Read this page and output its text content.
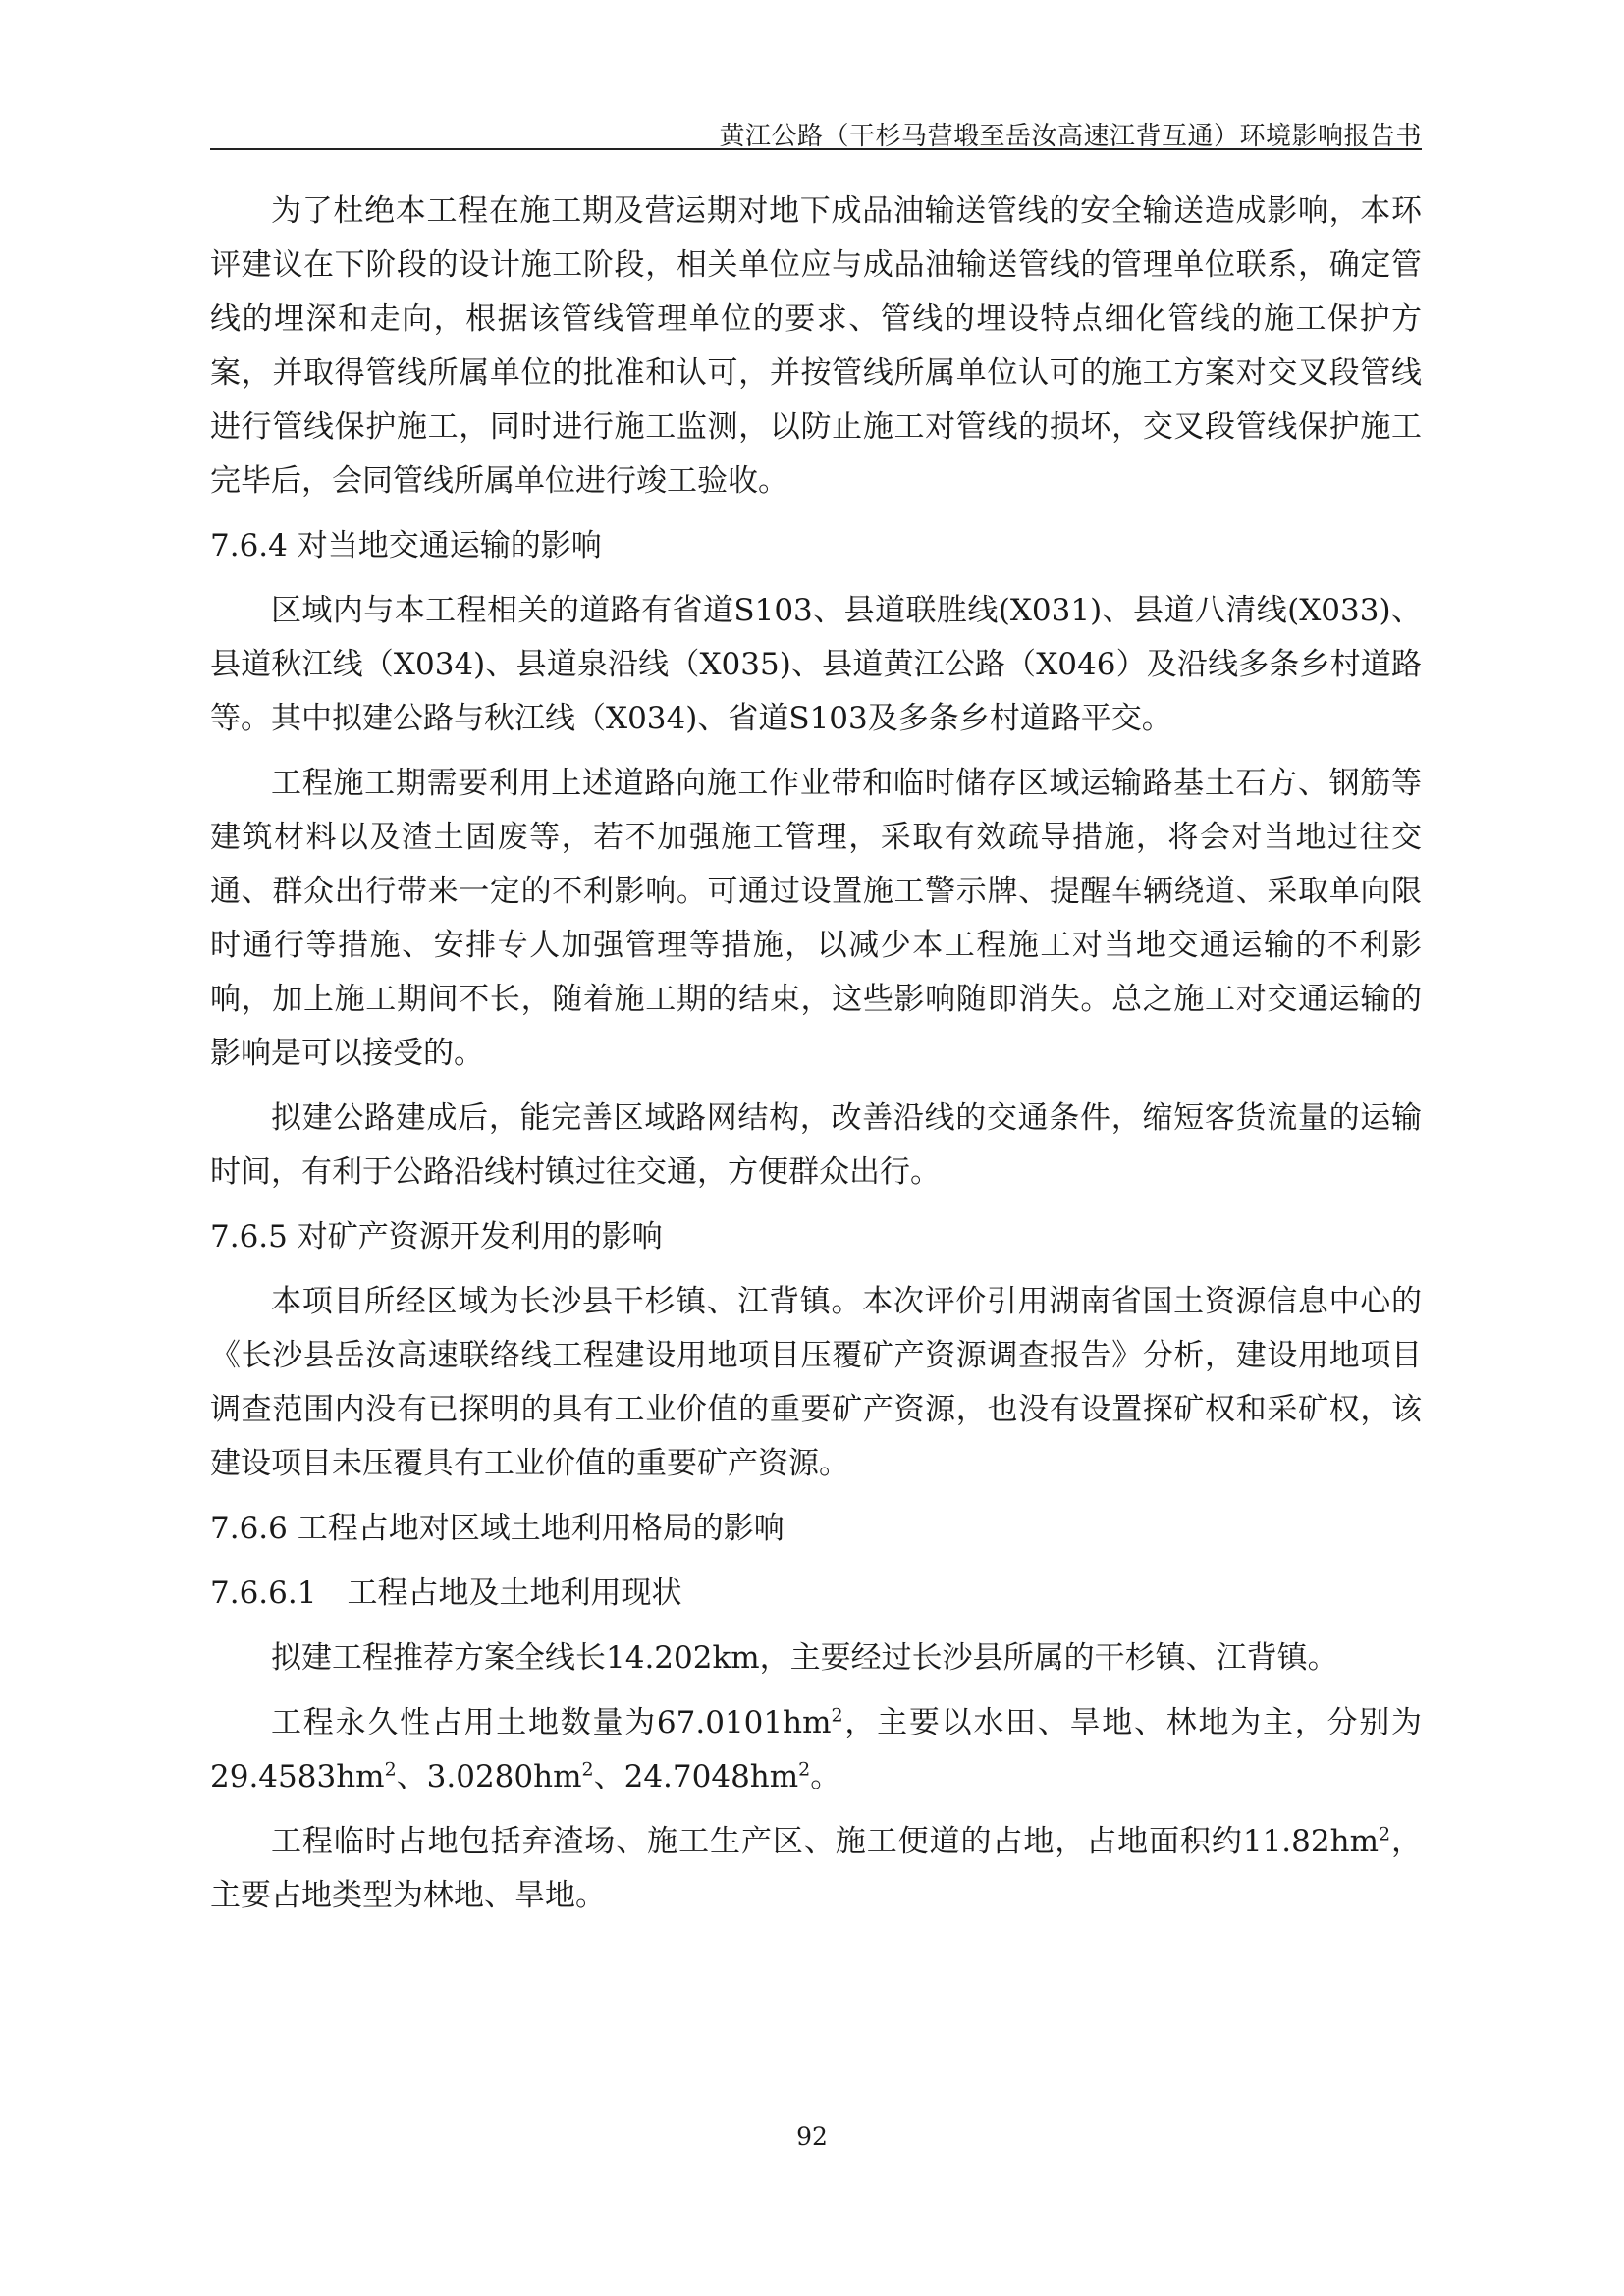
黄江公路（干杉马营塅至岳汝高速江背互通）环境影响报告书

为了杜绝本工程在施工期及营运期对地下成品油输送管线的安全输送造成影响，本环评建议在下阶段的设计施工阶段，相关单位应与成品油输送管线的管理单位联系，确定管线的埋深和走向，根据该管线管理单位的要求、管线的埋设特点细化管线的施工保护方案，并取得管线所属单位的批准和认可，并按管线所属单位认可的施工方案对交叉段管线进行管线保护施工，同时进行施工监测，以防止施工对管线的损坏，交叉段管线保护施工完毕后，会同管线所属单位进行竣工验收。

7.6.4 对当地交通运输的影响

区域内与本工程相关的道路有省道S103、县道联胜线(X031)、县道八清线(X033)、县道秋江线（X034)、县道泉沿线（X035)、县道黄江公路（X046）及沿线多条乡村道路等。其中拟建公路与秋江线（X034)、省道S103及多条乡村道路平交。

工程施工期需要利用上述道路向施工作业带和临时储存区域运输路基土石方、钢筋等建筑材料以及渣土固废等，若不加强施工管理，采取有效疏导措施，将会对当地过往交通、群众出行带来一定的不利影响。可通过设置施工警示牌、提醒车辆绕道、采取单向限时通行等措施、安排专人加强管理等措施，以减少本工程施工对当地交通运输的不利影响，加上施工期间不长，随着施工期的结束，这些影响随即消失。总之施工对交通运输的影响是可以接受的。

拟建公路建成后，能完善区域路网结构，改善沿线的交通条件，缩短客货流量的运输时间，有利于公路沿线村镇过往交通，方便群众出行。

7.6.5 对矿产资源开发利用的影响

本项目所经区域为长沙县干杉镇、江背镇。本次评价引用湖南省国土资源信息中心的《长沙县岳汝高速联络线工程建设用地项目压覆矿产资源调查报告》分析，建设用地项目调查范围内没有已探明的具有工业价值的重要矿产资源，也没有设置探矿权和采矿权，该建设项目未压覆具有工业价值的重要矿产资源。

7.6.6 工程占地对区域土地利用格局的影响
7.6.6.1　工程占地及土地利用现状

拟建工程推荐方案全线长14.202km，主要经过长沙县所属的干杉镇、江背镇。

工程永久性占用土地数量为$67.0101hm^2$，主要以水田、旱地、林地为主，分别为$29.4583hm^2$、$3.0280hm^2$、$24.7048hm^2$。

工程临时占地包括弃渣场、施工生产区、施工便道的占地，占地面积约$11.82hm^2$，主要占地类型为林地、旱地。

92
